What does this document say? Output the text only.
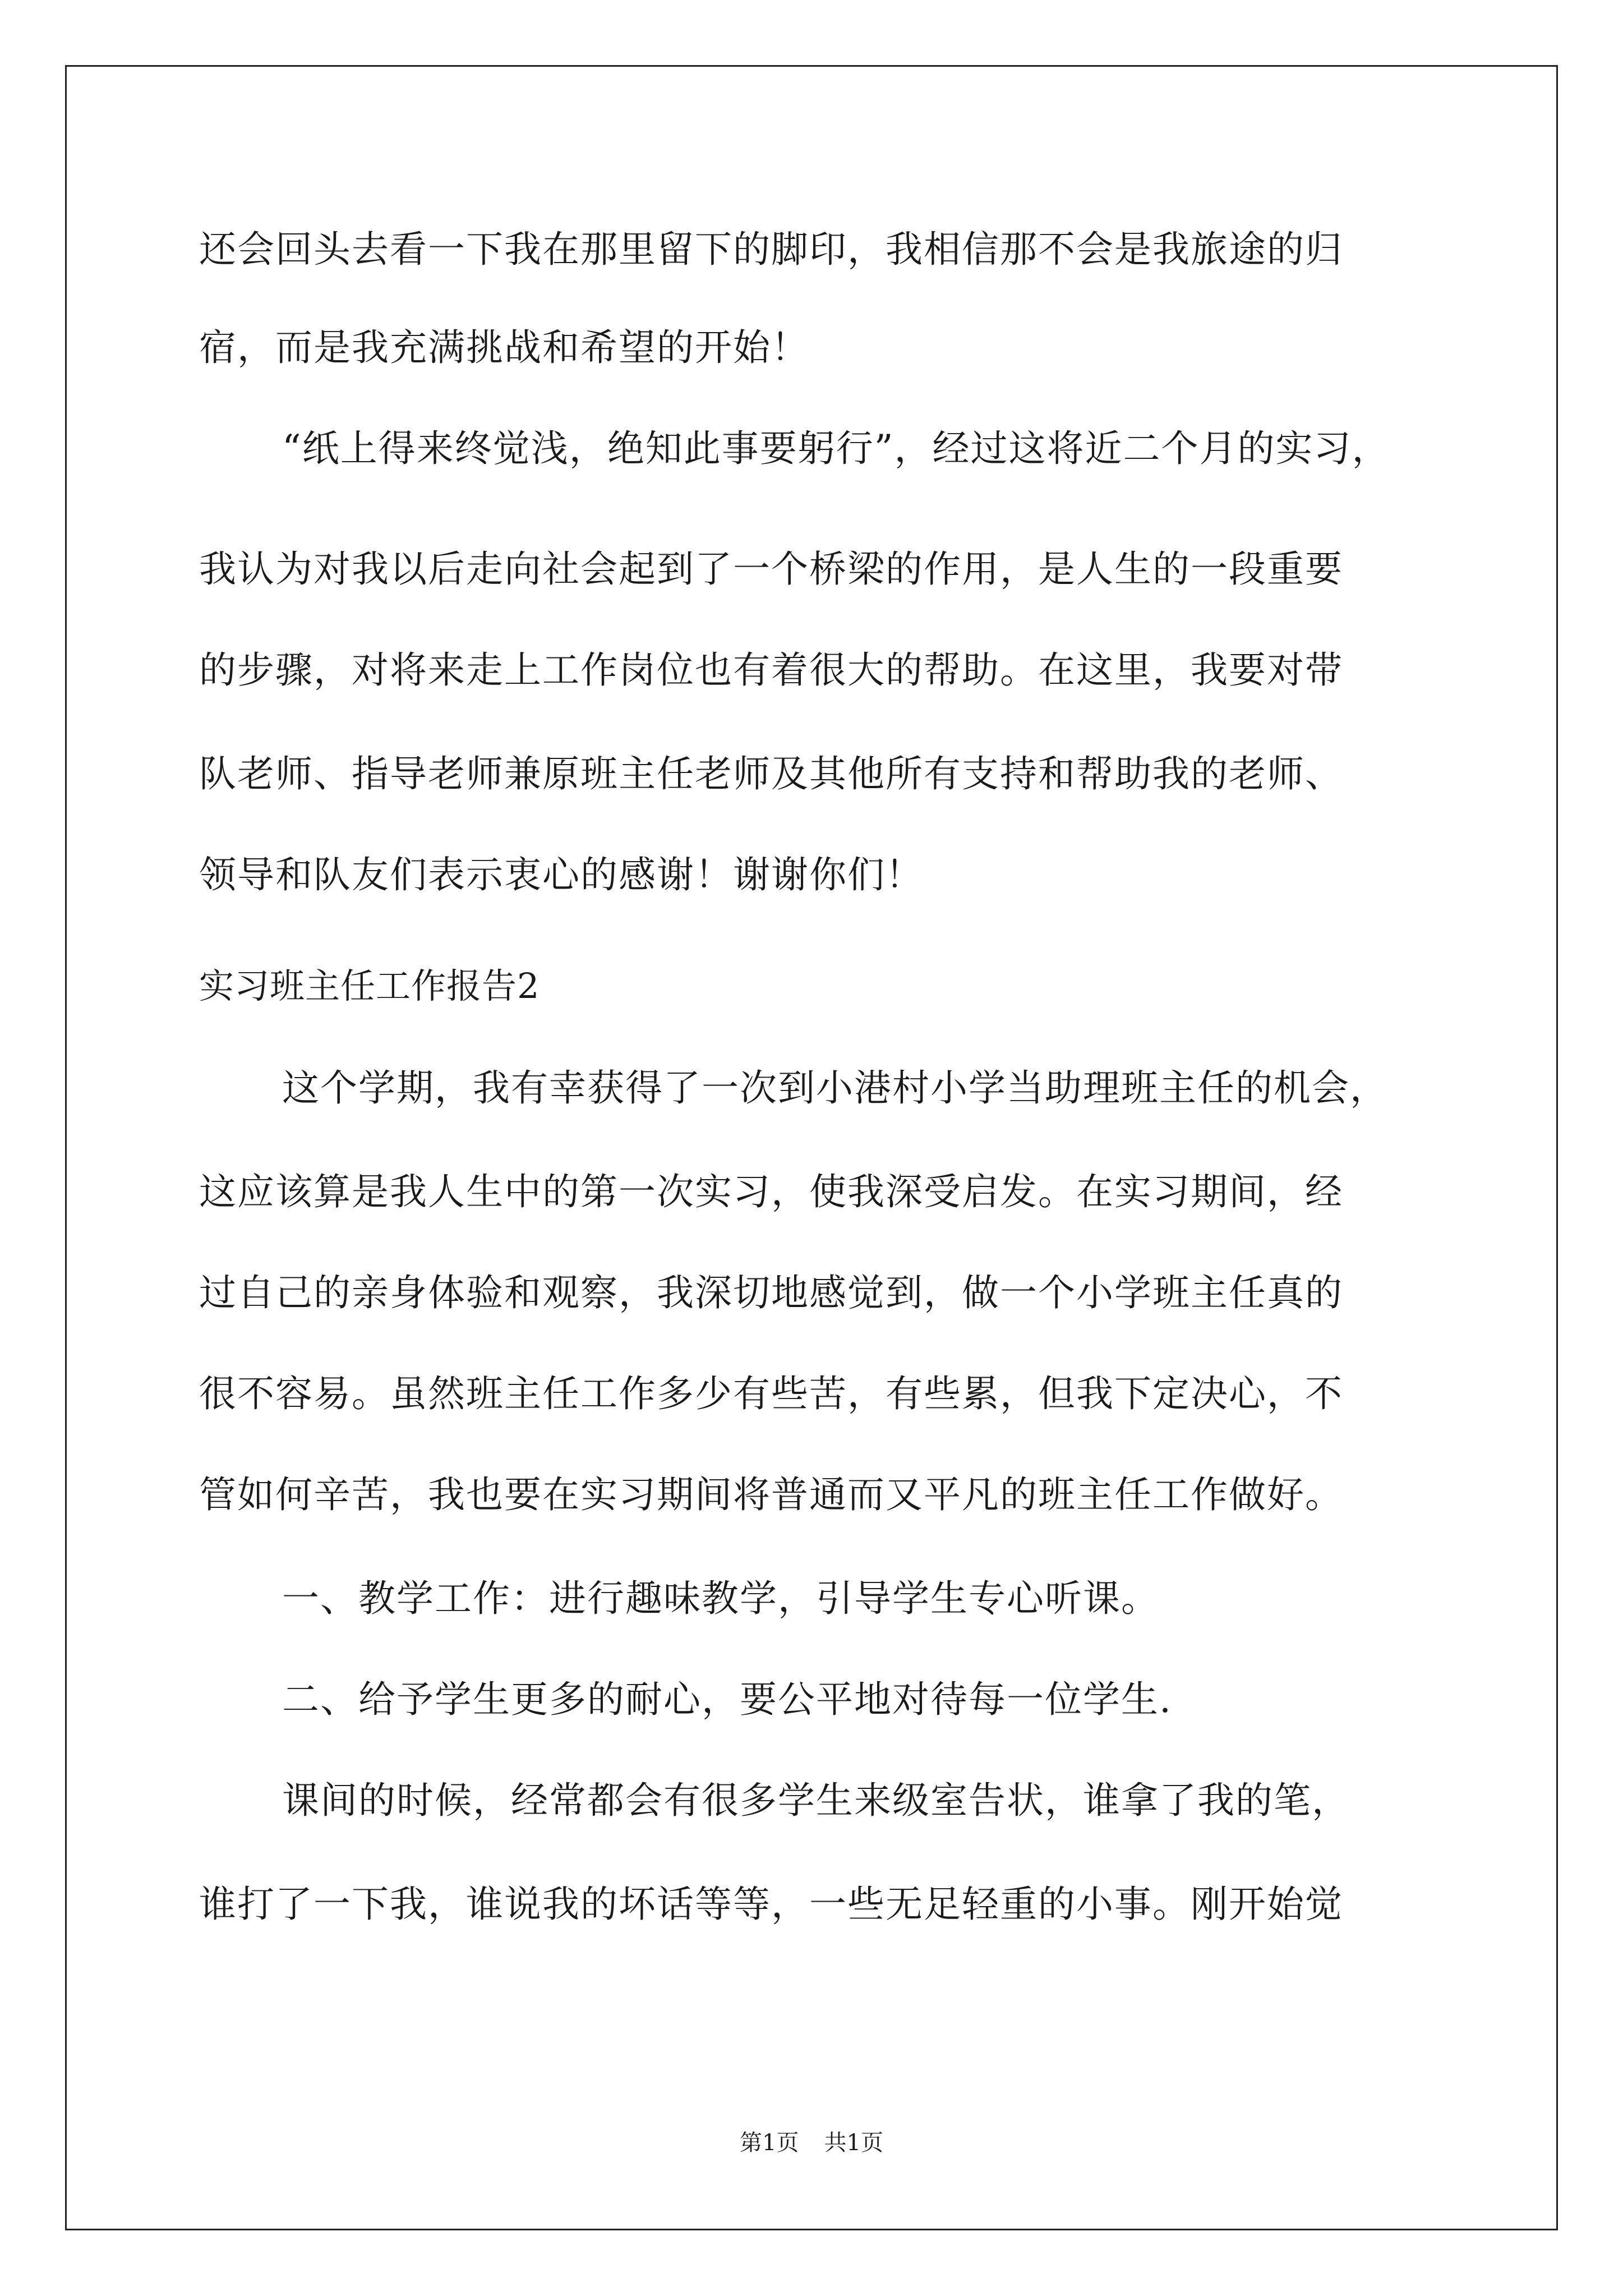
还会回头去看一下我在那里留下的脚印，我相信那不会是我旅途的归
宿，而是我充满挑战和希望的开始！
“纸上得来终觉浅，绝知此事要躬行”，经过这将近二个月的实习，
我认为对我以后走向社会起到了一个桥梁的作用，是人生的一段重要
的步骤，对将来走上工作岗位也有着很大的帮助。在这里，我要对带
队老师、指导老师兼原班主任老师及其他所有支持和帮助我的老师、
领导和队友们表示衷心的感谢！谢谢你们！
实习班主任工作报告2
这个学期，我有幸获得了一次到小港村小学当助理班主任的机会，
这应该算是我人生中的第一次实习，使我深受启发。在实习期间，经
过自己的亲身体验和观察，我深切地感觉到，做一个小学班主任真的
很不容易。虽然班主任工作多少有些苦，有些累，但我下定决心，不
管如何辛苦，我也要在实习期间将普通而又平凡的班主任工作做好。
一、教学工作：进行趣味教学，引导学生专心听课。
二、给予学生更多的耐心，要公平地对待每一位学生.
课间的时候，经常都会有很多学生来级室告状，谁拿了我的笔，
谁打了一下我，谁说我的坏话等等，一些无足轻重的小事。刚开始觉
第1页 共1页
